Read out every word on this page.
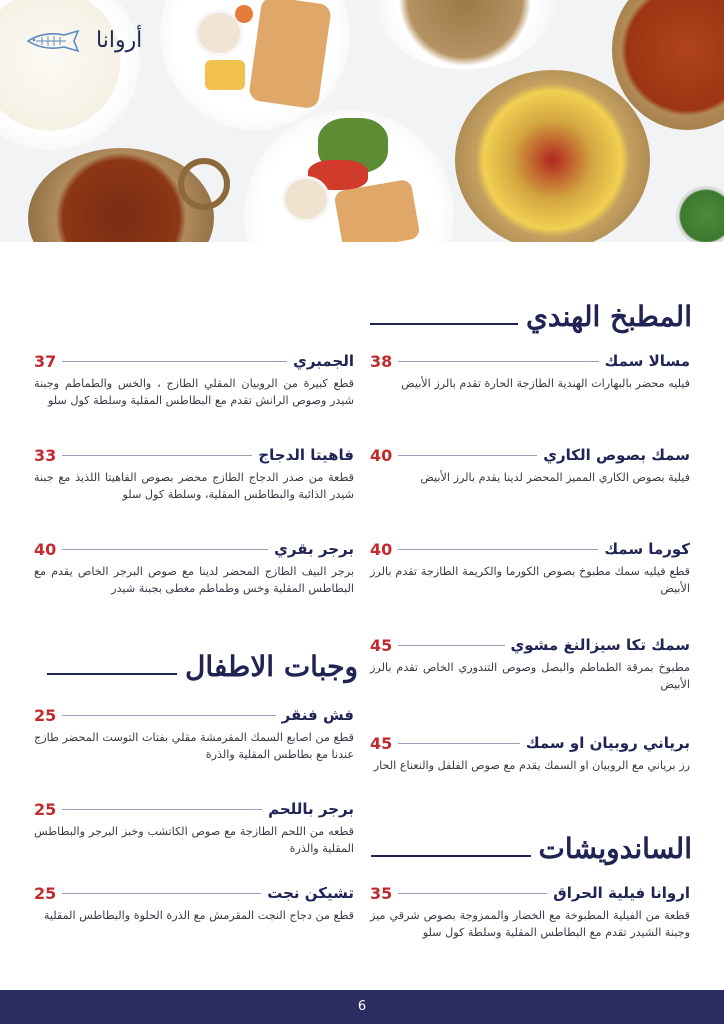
أروانا
المطبخ الهندي
مسالا سمك
38
فيليه محضر بالبهارات الهندية الطازجة الحارة تقدم بالرز الأبيض
سمك بصوص الكاري
40
فيلية بصوص الكاري المميز المحضر لدينا يقدم بالرز الأبيض
كورما سمك
40
قطع فيليه سمك مطبوخ بصوص الكورما والكريمة الطازجة تقدم بالرز الأبيض
سمك تكا سيزالنغ مشوي
45
مطبوخ بمرقة الطماطم والبصل وصوص التندوري الخاص تقدم بالرز الأبيض
برياني روبيان او سمك
45
رز برياني مع الروبيان او السمك يقدم مع صوص الفلفل والنعناع الحار
الساندويشات
اروانا فيلية الحراق
35
قطعة من الفيلية المطبوخة مع الخضار والممزوجة بصوص شرقي ميز وجبنة الشيدر تقدم مع البطاطس المقلية وسلطة كول سلو
الجمبري
37
قطع كبيرة من الروبيان المقلي الطازج ، والخس والطماطم وجبنة شيدر وصوص الرانش تقدم مع البطاطس المقلية وسلطة كول سلو
فاهيتا الدجاج
33
قطعة من صدر الدجاج الطازج محضر بصوص الفاهيتا اللذيذ مع جبنة شيدر الذائبة والبطاطس المقلية، وسلطة كول سلو
برجر بقري
40
برجر البيف الطازج المحضر لدينا مع صوص البرجر الخاص يقدم مع البطاطس المقلية وخس وطماطم مغطى بجبنة شيدر
وجبات الاطفال
فش فنقر
25
قطع من اصابع السمك المقرمشة مقلي بفتات التوست المحضر طازج عندنا مع بطاطس المقلية والذرة
برجر باللحم
25
قطعه من اللحم الطازجة مع صوص الكاتشب وخبز البرجر والبطاطس المقلية والذرة
تشيكن نجت
25
قطع من دجاج النجت المقرمش مع الذرة الحلوة والبطاطس المقلية
6
